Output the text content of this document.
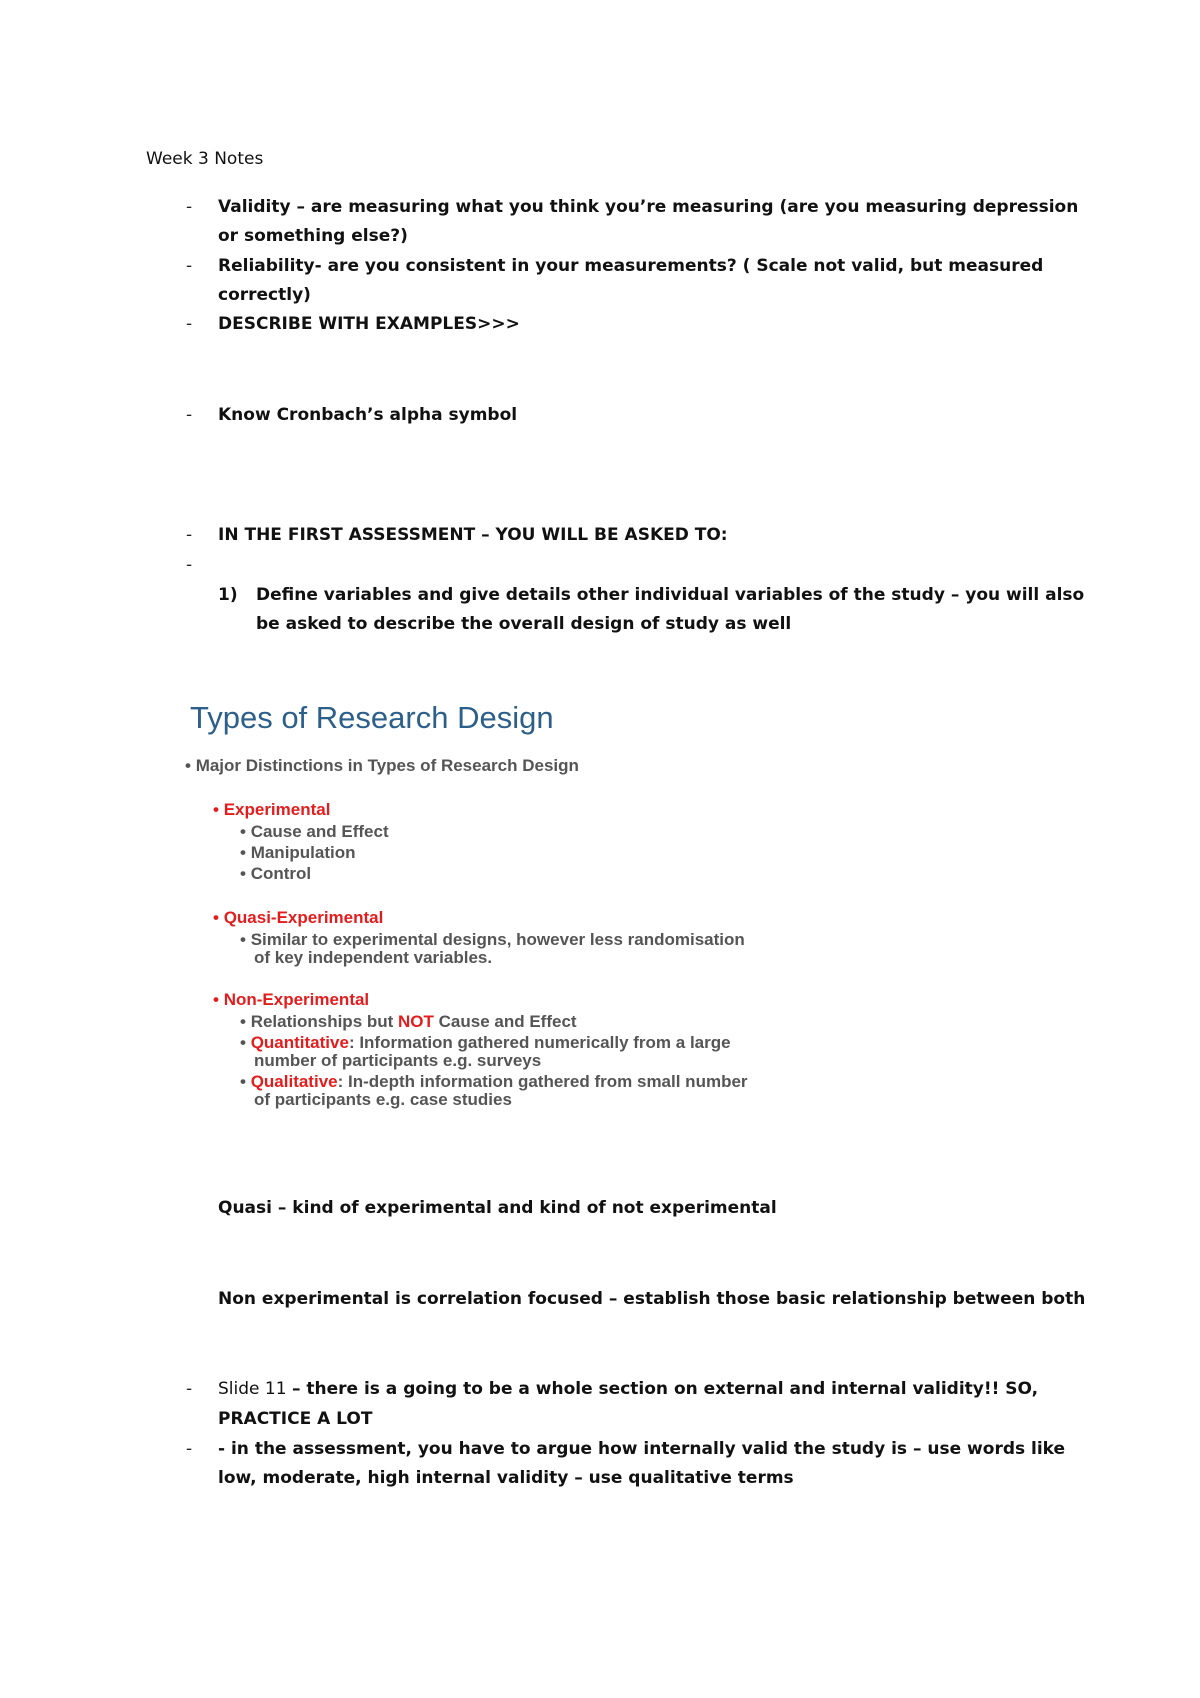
Week 3 Notes
- Validity – are measuring what you think you’re measuring (are you measuring depression
or something else?)
- Reliability- are you consistent in your measurements? ( Scale not valid, but measured
correctly)
- DESCRIBE WITH EXAMPLES>>>
- Know Cronbach’s alpha symbol
- IN THE FIRST ASSESSMENT – YOU WILL BE ASKED TO:
-
1) Define variables and give details other individual variables of the study – you will also
be asked to describe the overall design of study as well
Types of Research Design
• Major Distinctions in Types of Research Design
• Experimental
• Cause and Effect
• Manipulation
• Control
• Quasi-Experimental
• Similar to experimental designs, however less randomisation
of key independent variables.
• Non-Experimental
• Relationships but NOT Cause and Effect
• Quantitative: Information gathered numerically from a large
number of participants e.g. surveys
• Qualitative: In-depth information gathered from small number
of participants e.g. case studies
Quasi – kind of experimental and kind of not experimental
Non experimental is correlation focused – establish those basic relationship between both
- Slide 11 – there is a going to be a whole section on external and internal validity!! SO,
PRACTICE A LOT
- - in the assessment, you have to argue how internally valid the study is – use words like
low, moderate, high internal validity – use qualitative terms
